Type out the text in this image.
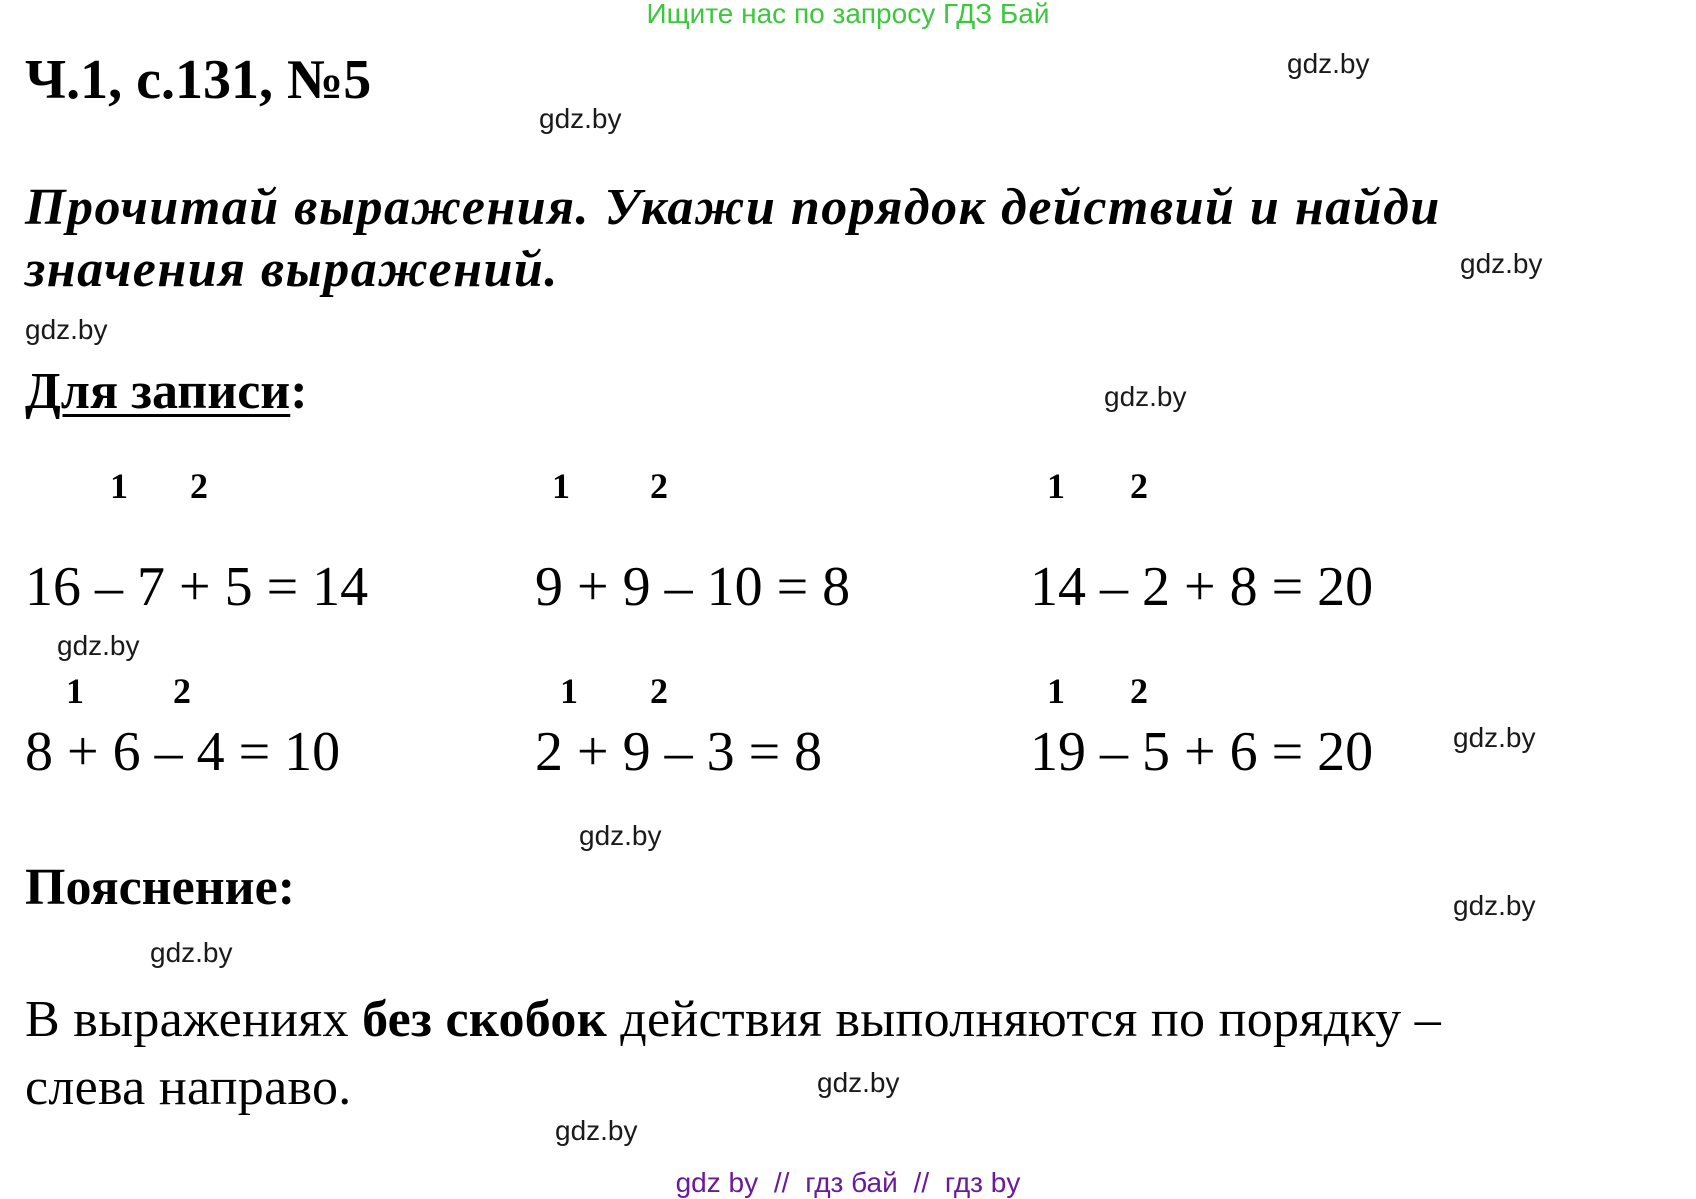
Ищите нас по запросу ГДЗ Бай
Ч.1, с.131, №5
Прочитай выражения. Укажи порядок действий и найди
значения выражений.
Для записи:
1 2
16 – 7 + 5 = 14
1 2
9 + 9 – 10 = 8
1 2
14 – 2 + 8 = 20
1 2
8 + 6 – 4 = 10
1 2
2 + 9 – 3 = 8
1 2
19 – 5 + 6 = 20
Пояснение:
В выражениях без скобок действия выполняются по порядку –
слева направо.
gdz.by
gdz.by
gdz.by
gdz.by
gdz.by
gdz.by
gdz.by
gdz.by
gdz.by
gdz.by
gdz.by
gdz.by
gdz by // гдз бай // гдз by
